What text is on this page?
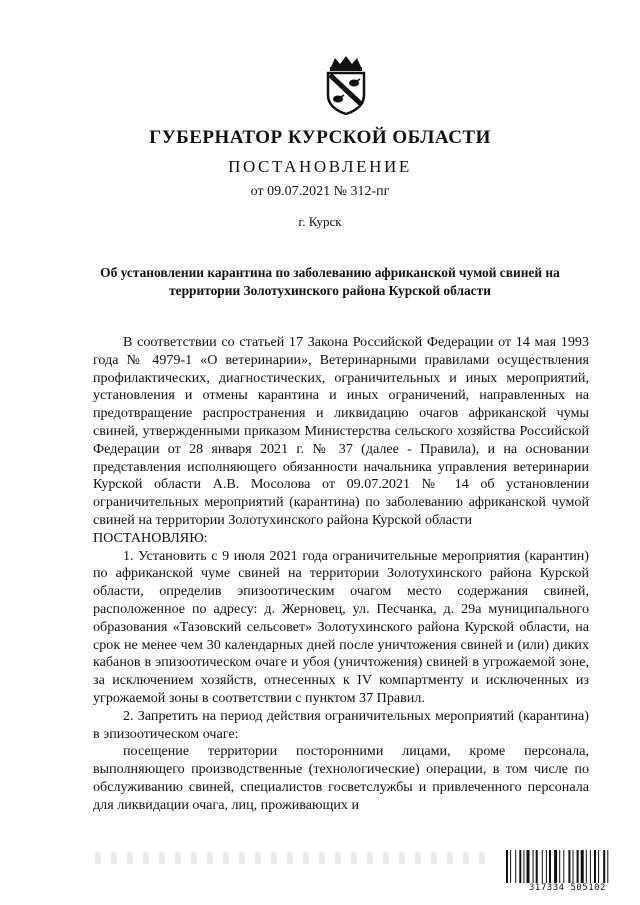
ГУБЕРНАТОР КУРСКОЙ ОБЛАСТИ
ПОСТАНОВЛЕНИЕ
от 09.07.2021 № 312-пг
г. Курск
Об установлении карантина по заболеванию африканской чумой свиней на территории Золотухинского района Курской области

В соответствии со статьей 17 Закона Российской Федерации от 14 мая 1993 года № 4979-1 «О ветеринарии», Ветеринарными правилами осуществления профилактических, диагностических, ограничительных и иных мероприятий, установления и отмены карантина и иных ограничений, направленных на предотвращение распространения и ликвидацию очагов африканской чумы свиней, утвержденными приказом Министерства сельского хозяйства Российской Федерации от 28 января 2021 г. № 37 (далее - Правила), и на основании представления исполняющего обязанности начальника управления ветеринарии Курской области А.В. Мосолова от 09.07.2021 № 14 об установлении ограничительных мероприятий (карантина) по заболеванию африканской чумой свиней на территории Золотухинского района Курской области

ПОСТАНОВЛЯЮ:

1. Установить с 9 июля 2021 года ограничительные мероприятия (карантин) по африканской чуме свиней на территории Золотухинского района Курской области, определив эпизоотическим очагом место содержания свиней, расположенное по адресу: д. Жерновец, ул. Песчанка, д. 29а муниципального образования «Тазовский сельсовет» Золотухинского района Курской области, на срок не менее чем 30 календарных дней после уничтожения свиней и (или) диких кабанов в эпизоотическом очаге и убоя (уничтожения) свиней в угрожаемой зоне, за исключением хозяйств, отнесенных к IV компартменту и исключенных из угрожаемой зоны в соответствии с пунктом 37 Правил.

2. Запретить на период действия ограничительных мероприятий (карантина) в эпизоотическом очаге:

посещение территории посторонними лицами, кроме персонала, выполняющего производственные (технологические) операции, в том числе по обслуживанию свиней, специалистов госветслужбы и привлеченного персонала для ликвидации очага, лиц, проживающих и

317334 505102
